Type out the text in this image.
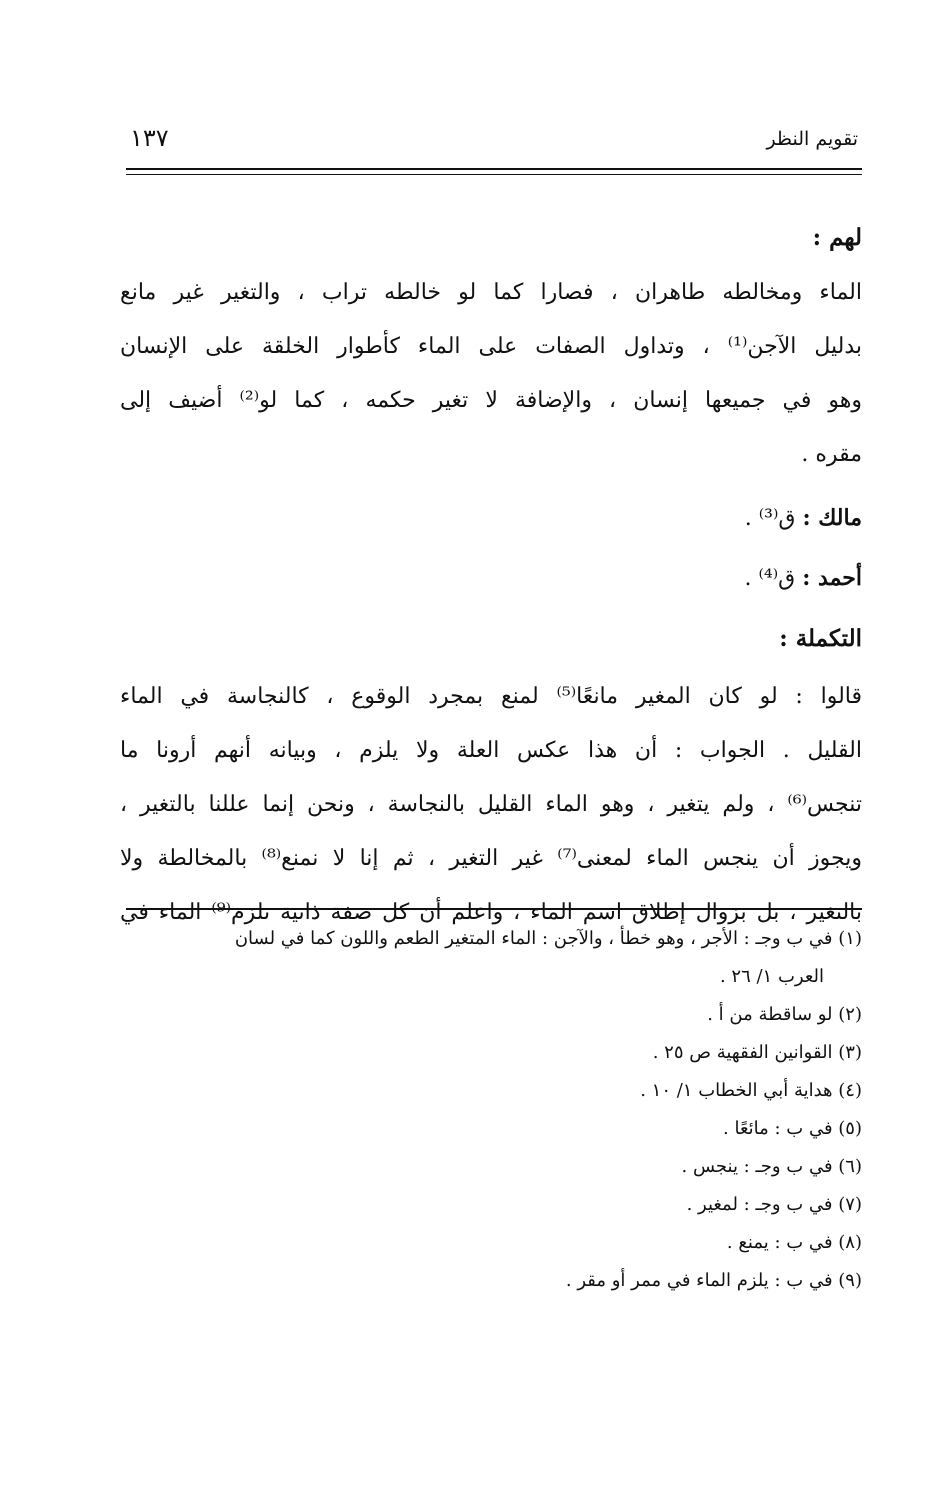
تقويم النظر
١٣٧
لهم :
الماء ومخالطه طاهران ، فصارا كما لو خالطه تراب ، والتغير غير مانع
بدليل الآجن⁽¹⁾ ، وتداول الصفات على الماء كأطوار الخلقة على الإنسان
وهو في جميعها إنسان ، والإضافة لا تغير حكمه ، كما لو⁽²⁾ أضيف إلى
مقره .
مالك : ق⁽³⁾ .
أحمد : ق⁽⁴⁾ .
التكملة :
قالوا : لو كان المغير مانعًا⁽⁵⁾ لمنع بمجرد الوقوع ، كالنجاسة في الماء
القليل . الجواب : أن هذا عكس العلة ولا يلزم ، وبيانه أنهم أرونا ما
تنجس⁽⁶⁾ ، ولم يتغير ، وهو الماء القليل بالنجاسة ، ونحن إنما عللنا بالتغير ،
ويجوز أن ينجس الماء لمعنى⁽⁷⁾ غير التغير ، ثم إنا لا نمنع⁽⁸⁾ بالمخالطة ولا
بالتغير ، بل بزوال إطلاق اسم الماء ، واعلم أن كل صفة ذاتية تلزم⁽⁹⁾ الماء في
(١) في ب وجـ : الأجر ، وهو خطأ ، والآجن : الماء المتغير الطعم واللون كما في لسان
العرب ١/ ٢٦ .
(٢) لو ساقطة من أ .
(٣) القوانين الفقهية ص ٢٥ .
(٤) هداية أبي الخطاب ١/ ١٠ .
(٥) في ب : مائعًا .
(٦) في ب وجـ : ينجس .
(٧) في ب وجـ : لمغير .
(٨) في ب : يمنع .
(٩) في ب : يلزم الماء في ممر أو مقر .
